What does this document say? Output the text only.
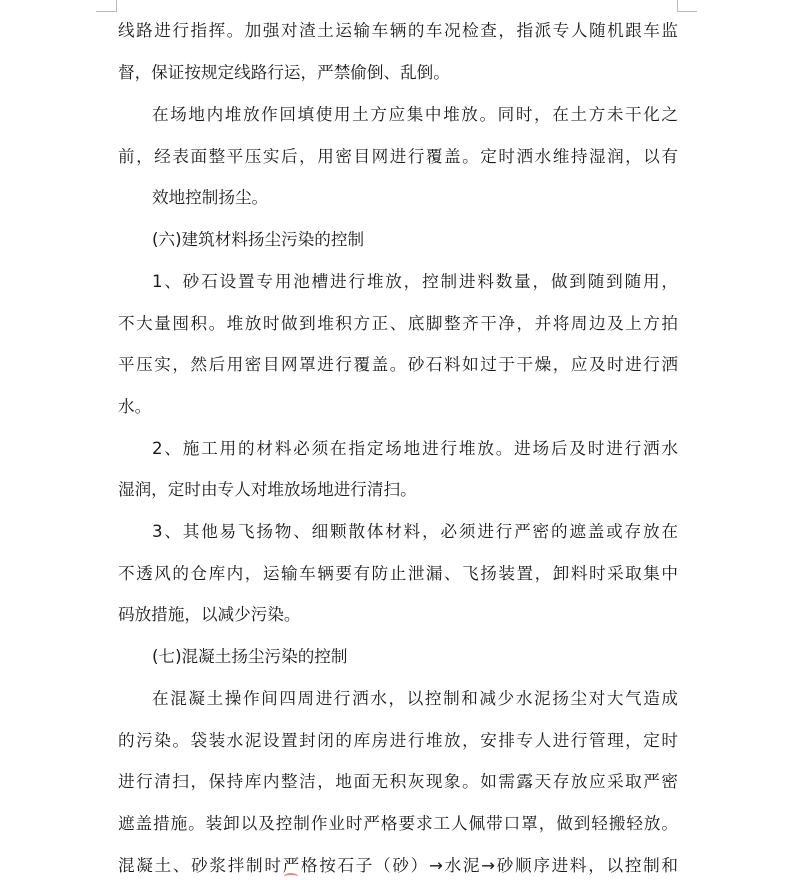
线路进行指挥。加强对渣土运输车辆的车况检查，指派专人随机跟车监
督，保证按规定线路行运，严禁偷倒、乱倒。
在场地内堆放作回填使用土方应集中堆放。同时，在土方未干化之
前，经表面整平压实后，用密目网进行覆盖。定时洒水维持湿润，以有
效地控制扬尘。
(六)建筑材料扬尘污染的控制
1、砂石设置专用池槽进行堆放，控制进料数量，做到随到随用，
不大量囤积。堆放时做到堆积方正、底脚整齐干净，并将周边及上方拍
平压实，然后用密目网罩进行覆盖。砂石料如过于干燥，应及时进行洒
水。
2、施工用的材料必须在指定场地进行堆放。进场后及时进行洒水
湿润，定时由专人对堆放场地进行清扫。
3、其他易飞扬物、细颗散体材料，必须进行严密的遮盖或存放在
不透风的仓库内，运输车辆要有防止泄漏、飞扬装置，卸料时采取集中
码放措施，以减少污染。
(七)混凝土扬尘污染的控制
在混凝土操作间四周进行洒水，以控制和减少水泥扬尘对大气造成
的污染。袋装水泥设置封闭的库房进行堆放，安排专人进行管理，定时
进行清扫，保持库内整洁，地面无积灰现象。如需露天存放应采取严密
遮盖措施。装卸以及控制作业时严格要求工人佩带口罩，做到轻搬轻放。
混凝土、砂浆拌制时严格按石子（砂）→水泥→砂顺序进料，以控制和
